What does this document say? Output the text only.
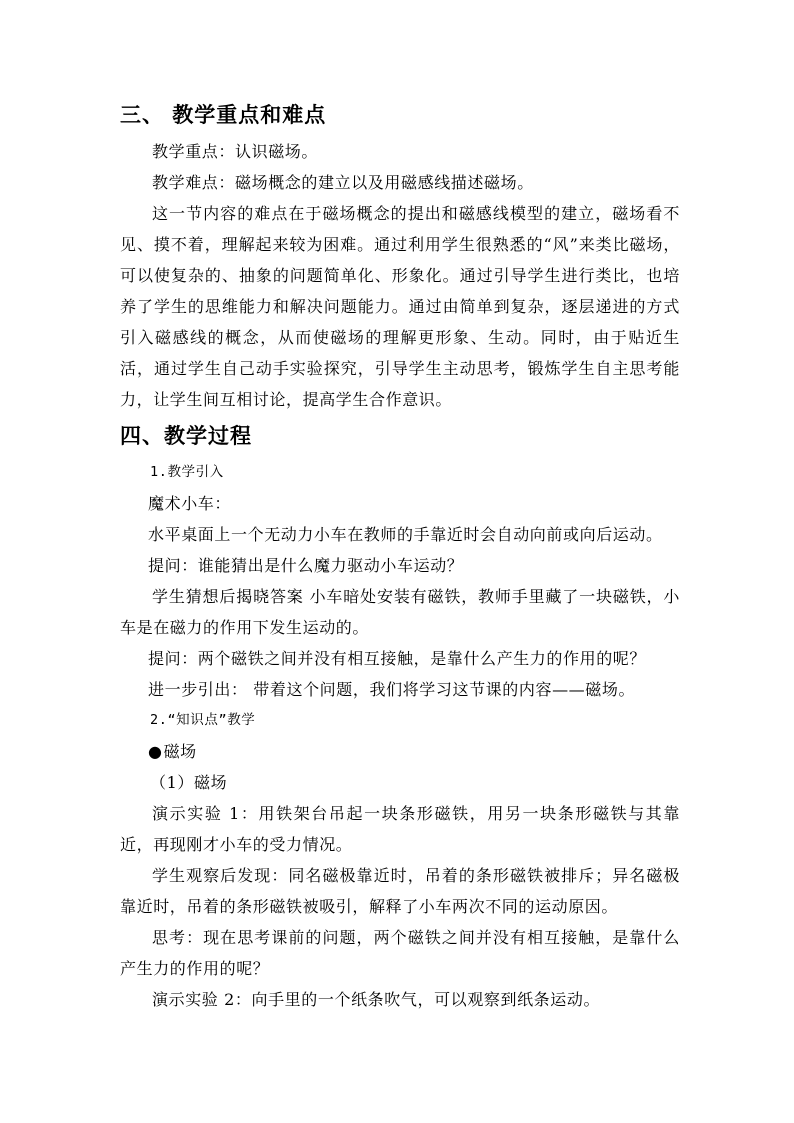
三、 教学重点和难点

教学重点：认识磁场。

教学难点：磁场概念的建立以及用磁感线描述磁场。

这一节内容的难点在于磁场概念的提出和磁感线模型的建立，磁场看不见、摸不着，理解起来较为困难。通过利用学生很熟悉的“风”来类比磁场，可以使复杂的、抽象的问题简单化、形象化。通过引导学生进行类比，也培养了学生的思维能力和解决问题能力。通过由简单到复杂，逐层递进的方式引入磁感线的概念，从而使磁场的理解更形象、生动。同时，由于贴近生活，通过学生自己动手实验探究，引导学生主动思考，锻炼学生自主思考能力，让学生间互相讨论，提高学生合作意识。

四、教学过程

1.教学引入

魔术小车：

水平桌面上一个无动力小车在教师的手靠近时会自动向前或向后运动。

提问：谁能猜出是什么魔力驱动小车运动？

学生猜想后揭晓答案 小车暗处安装有磁铁，教师手里藏了一块磁铁，小车是在磁力的作用下发生运动的。

提问：两个磁铁之间并没有相互接触，是靠什么产生力的作用的呢？

进一步引出： 带着这个问题，我们将学习这节课的内容——磁场。

2.“知识点”教学

●磁场

（1）磁场

演示实验 1：用铁架台吊起一块条形磁铁，用另一块条形磁铁与其靠近，再现刚才小车的受力情况。

学生观察后发现：同名磁极靠近时，吊着的条形磁铁被排斥；异名磁极靠近时，吊着的条形磁铁被吸引，解释了小车两次不同的运动原因。

思考：现在思考课前的问题，两个磁铁之间并没有相互接触，是靠什么产生力的作用的呢？

演示实验 2：向手里的一个纸条吹气，可以观察到纸条运动。
